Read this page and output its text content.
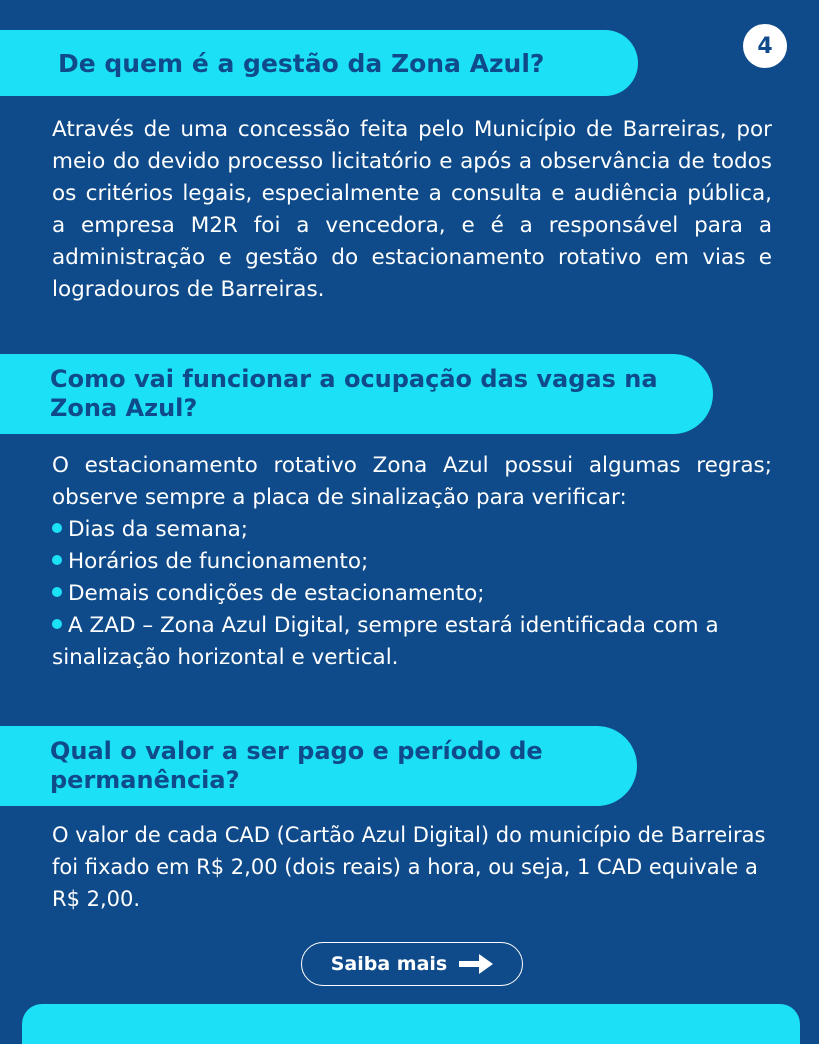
4
De quem é a gestão da Zona Azul?
Através de uma concessão feita pelo Município de Barreiras, por meio do devido processo licitatório e após a observância de todos os critérios legais, especialmente a consulta e audiência pública, a empresa M2R foi a vencedora, e é a responsável para a administração e gestão do estacionamento rotativo em vias e logradouros de Barreiras.
Como vai funcionar a ocupação das vagas na Zona Azul?

O estacionamento rotativo Zona Azul possui algumas regras; observe sempre a placa de sinalização para verificar:

Dias da semana;

Horários de funcionamento;

Demais condições de estacionamento;

A ZAD – Zona Azul Digital, sempre estará identificada com a sinalização horizontal e vertical.

Qual o valor a ser pago e período de permanência?
O valor de cada CAD (Cartão Azul Digital) do município de Barreiras foi fixado em R$ 2,00 (dois reais) a hora, ou seja, 1 CAD equivale a R$ 2,00.
Saiba mais
